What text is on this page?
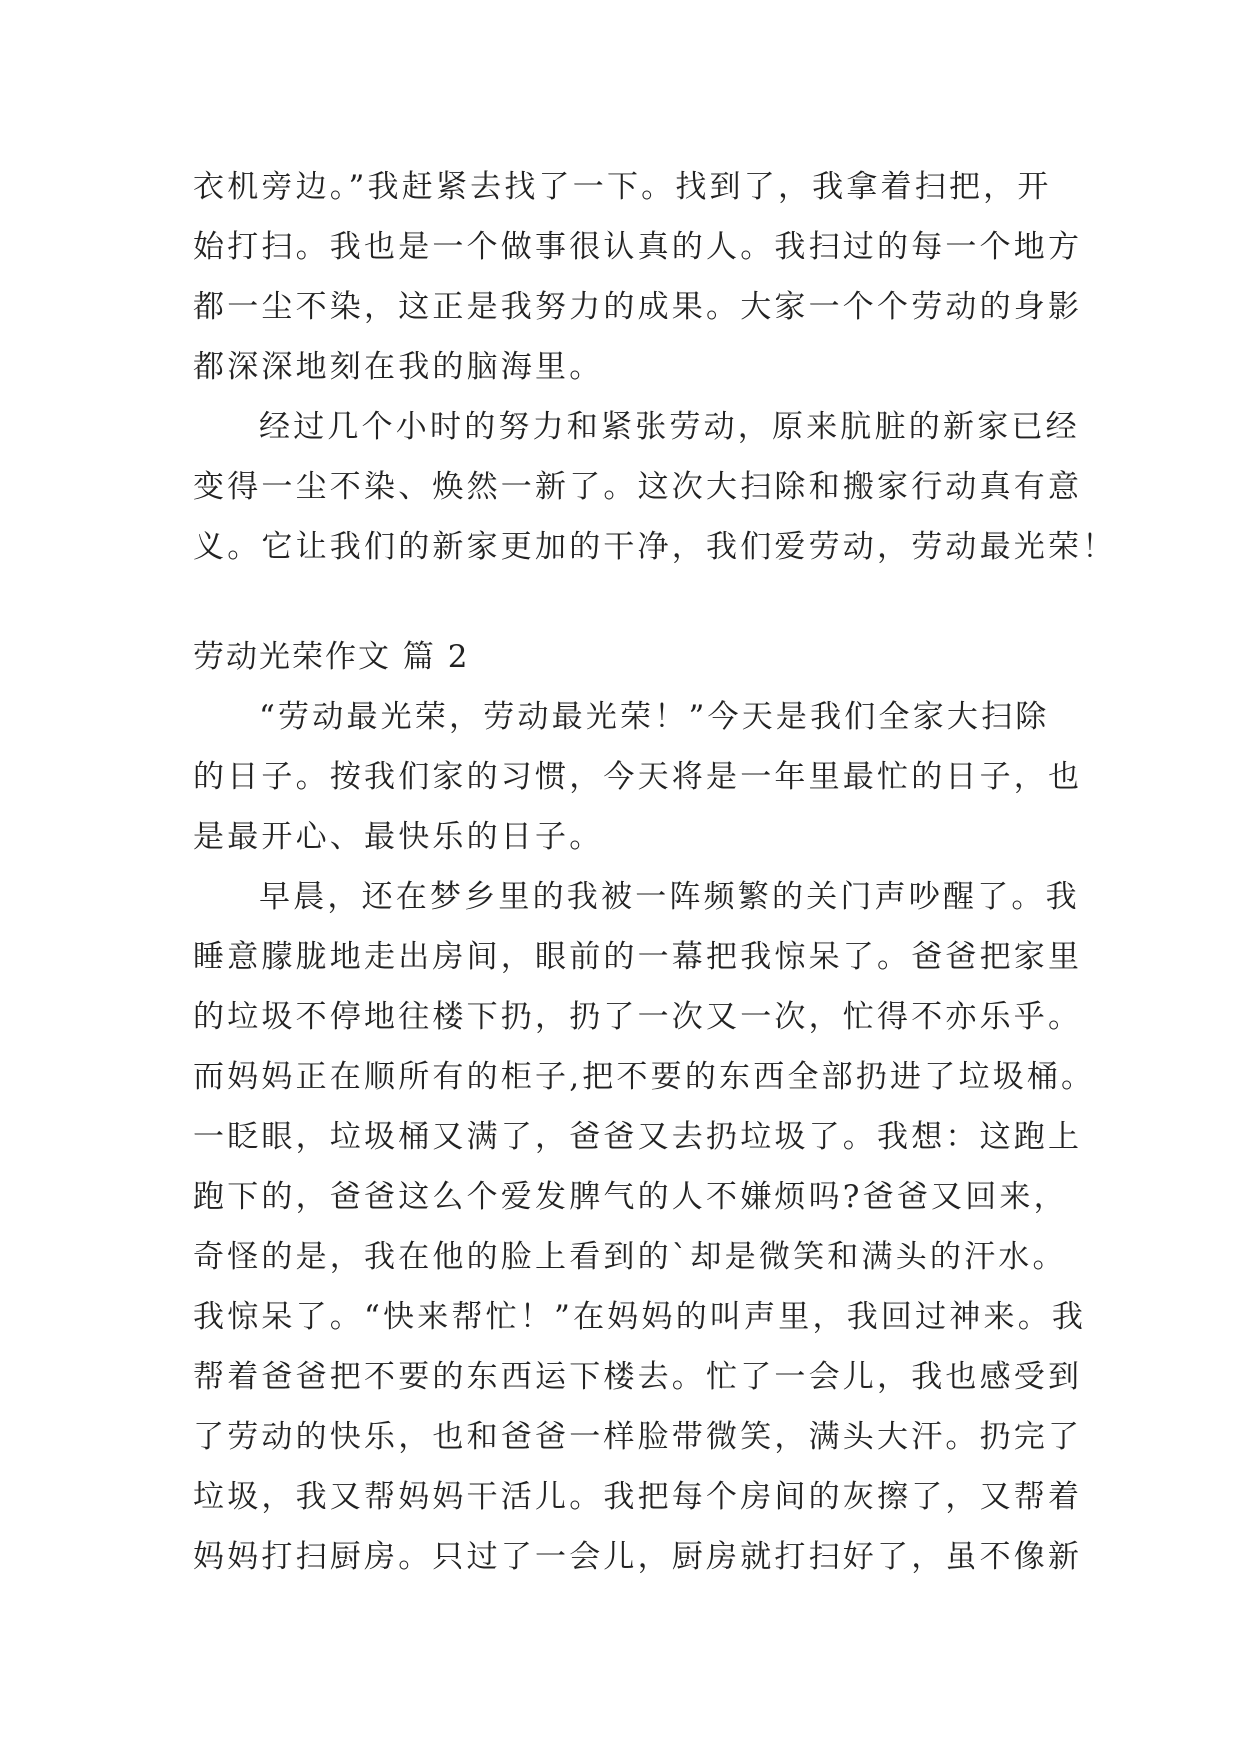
衣机旁边。”我赶紧去找了一下。找到了，我拿着扫把，开
始打扫。我也是一个做事很认真的人。我扫过的每一个地方
都一尘不染，这正是我努力的成果。大家一个个劳动的身影
都深深地刻在我的脑海里。
经过几个小时的努力和紧张劳动，原来肮脏的新家已经
变得一尘不染、焕然一新了。这次大扫除和搬家行动真有意
义。它让我们的新家更加的干净，我们爱劳动，劳动最光荣！
劳动光荣作文 篇 2
“劳动最光荣，劳动最光荣！”今天是我们全家大扫除
的日子。按我们家的习惯，今天将是一年里最忙的日子，也
是最开心、最快乐的日子。
早晨，还在梦乡里的我被一阵频繁的关门声吵醒了。我
睡意朦胧地走出房间，眼前的一幕把我惊呆了。爸爸把家里
的垃圾不停地往楼下扔，扔了一次又一次，忙得不亦乐乎。
而妈妈正在顺所有的柜子,把不要的东西全部扔进了垃圾桶。
一眨眼，垃圾桶又满了，爸爸又去扔垃圾了。我想：这跑上
跑下的，爸爸这么个爱发脾气的人不嫌烦吗?爸爸又回来，
奇怪的是，我在他的脸上看到的`却是微笑和满头的汗水。
我惊呆了。“快来帮忙！”在妈妈的叫声里，我回过神来。我
帮着爸爸把不要的东西运下楼去。忙了一会儿，我也感受到
了劳动的快乐，也和爸爸一样脸带微笑，满头大汗。扔完了
垃圾，我又帮妈妈干活儿。我把每个房间的灰擦了，又帮着
妈妈打扫厨房。只过了一会儿，厨房就打扫好了，虽不像新
